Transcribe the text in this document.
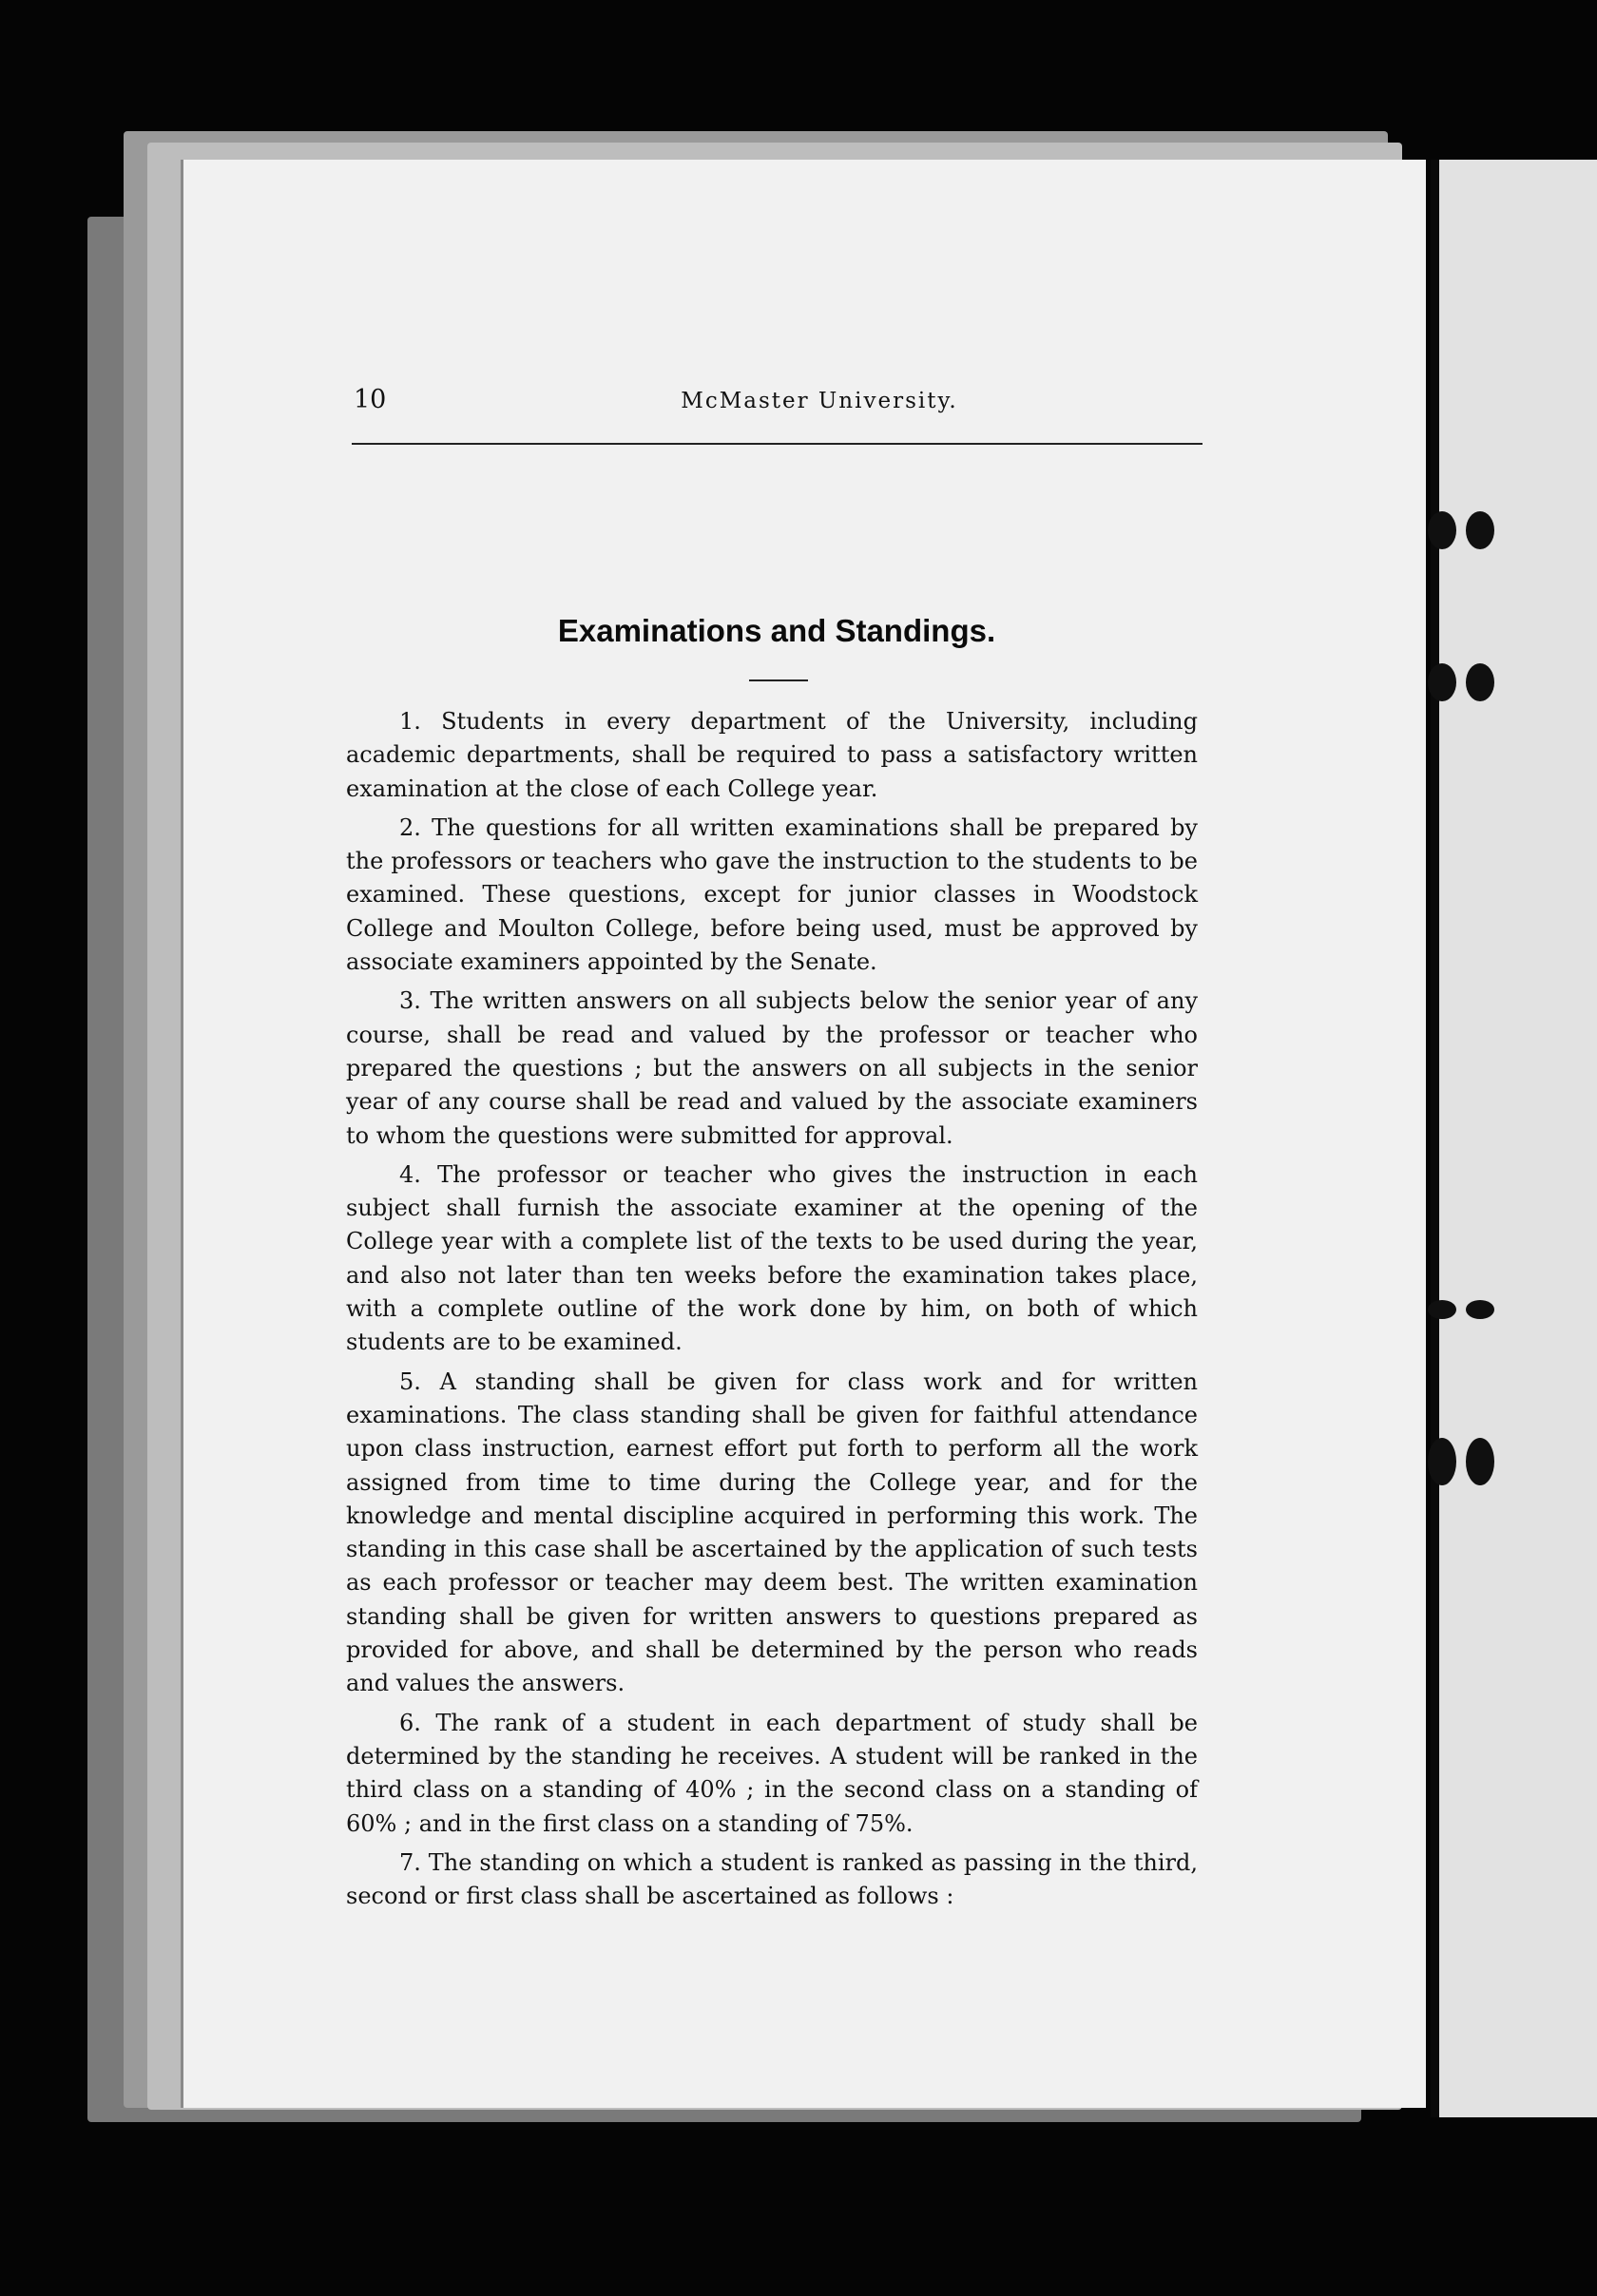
10	McMaster University.
Examinations and Standings.

1. Students in every department of the University, including academic departments, shall be required to pass a satisfactory written examination at the close of each College year.

2. The questions for all written examinations shall be prepared by the professors or teachers who gave the instruction to the students to be examined. These questions, except for junior classes in Woodstock College and Moulton College, before being used, must be approved by associate examiners appointed by the Senate.

3. The written answers on all subjects below the senior year of any course, shall be read and valued by the professor or teacher who prepared the questions ; but the answers on all subjects in the senior year of any course shall be read and valued by the associate examiners to whom the questions were submitted for approval.

4. The professor or teacher who gives the instruction in each subject shall furnish the associate examiner at the opening of the College year with a complete list of the texts to be used during the year, and also not later than ten weeks before the examination takes place, with a complete outline of the work done by him, on both of which students are to be examined.

5. A standing shall be given for class work and for written examinations. The class standing shall be given for faithful attendance upon class instruction, earnest effort put forth to perform all the work assigned from time to time during the College year, and for the knowledge and mental discipline acquired in performing this work. The standing in this case shall be ascertained by the application of such tests as each professor or teacher may deem best. The written examination standing shall be given for written answers to questions prepared as provided for above, and shall be determined by the person who reads and values the answers.

6. The rank of a student in each department of study shall be determined by the standing he receives. A student will be ranked in the third class on a standing of 40% ; in the second class on a standing of 60% ; and in the first class on a standing of 75%.

7. The standing on which a student is ranked as passing in the third, second or first class shall be ascertained as follows :
